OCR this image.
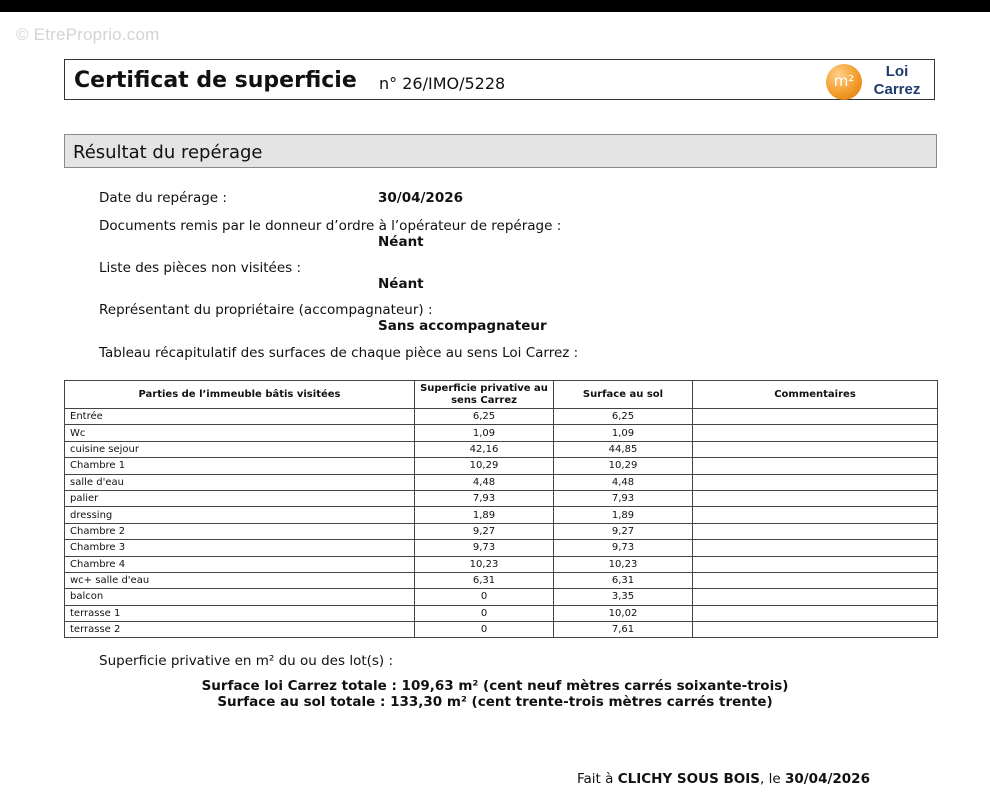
© EtreProprio.com
Certificat de superficie n° 26/IMO/5228	m²
Loi
Carrez
Résultat du repérage
Date du repérage :	30/04/2026
Documents remis par le donneur d’ordre à l’opérateur de repérage :
Néant
Liste des pièces non visitées :
Néant
Représentant du propriétaire (accompagnateur) :
Sans accompagnateur
Tableau récapitulatif des surfaces de chaque pièce au sens Loi Carrez :
Parties de l’immeuble bâtis visitées	Superficie privative au sens Carrez	Surface au sol	Commentaires
Entrée	6,25	6,25	
Wc	1,09	1,09	
cuisine sejour	42,16	44,85	
Chambre 1	10,29	10,29	
salle d'eau	4,48	4,48	
palier	7,93	7,93	
dressing	1,89	1,89	
Chambre 2	9,27	9,27	
Chambre 3	9,73	9,73	
Chambre 4	10,23	10,23	
wc+ salle d'eau	6,31	6,31	
balcon	0	3,35	
terrasse 1	0	10,02	
terrasse 2	0	7,61	
Superficie privative en m² du ou des lot(s) :
Surface loi Carrez totale : 109,63 m² (cent neuf mètres carrés soixante-trois)
Surface au sol totale : 133,30 m² (cent trente-trois mètres carrés trente)
Fait à CLICHY SOUS BOIS, le 30/04/2026
